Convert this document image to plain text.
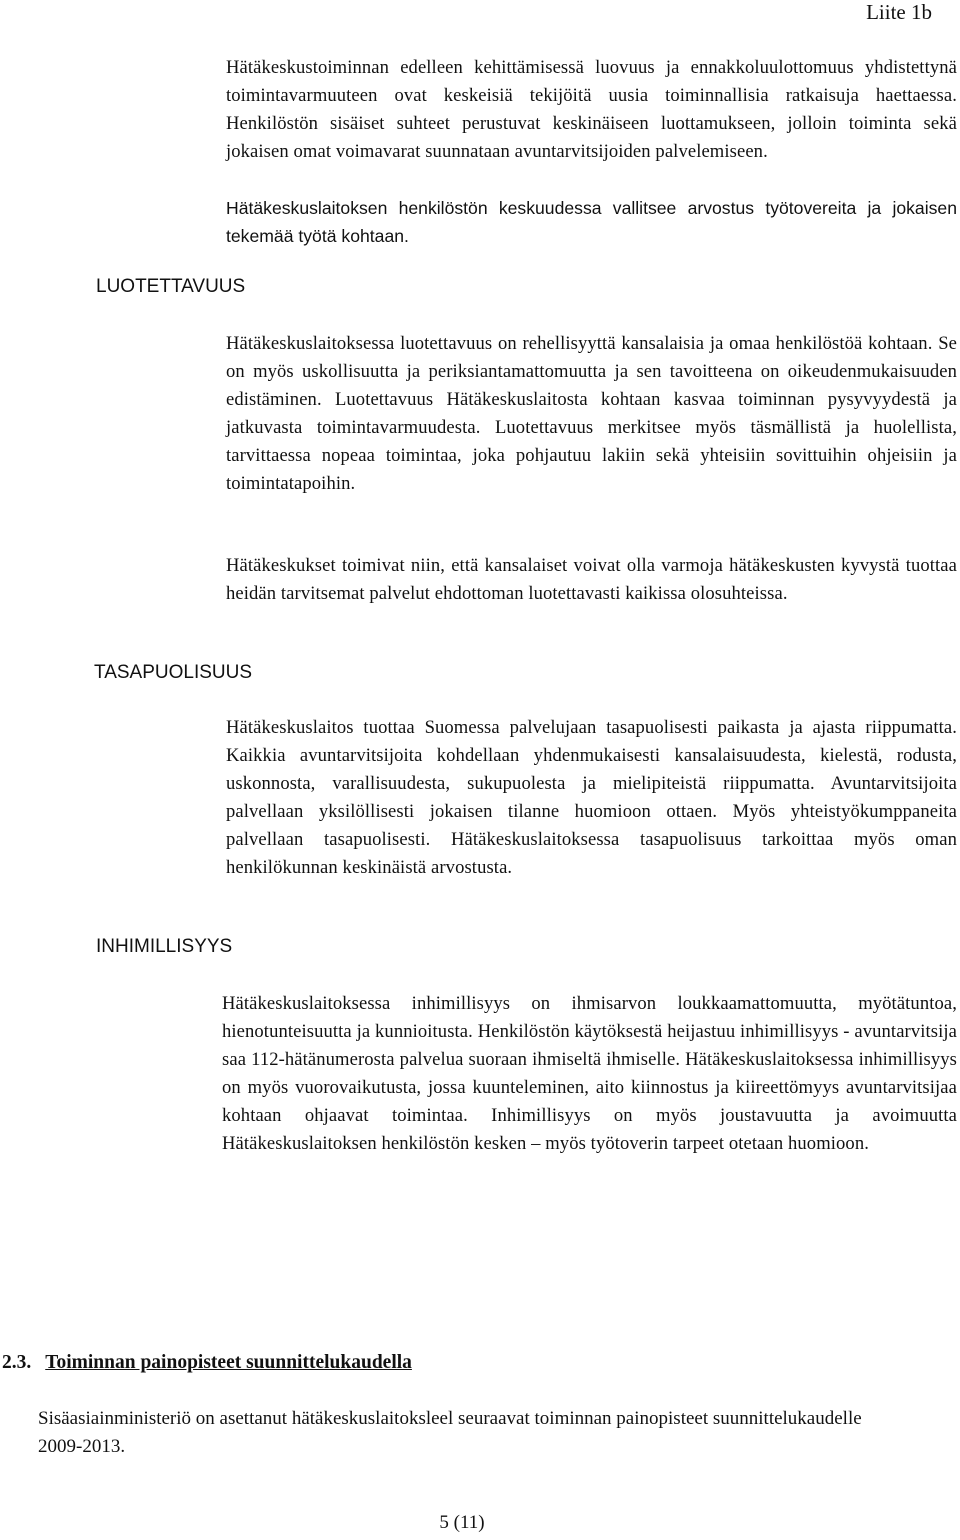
Liite 1b
Hätäkeskustoiminnan edelleen kehittämisessä luovuus ja ennakkoluulottomuus yhdistettynä toimintavarmuuteen ovat keskeisiä tekijöitä uusia toiminnallisia ratkaisuja haettaessa. Henkilöstön sisäiset suhteet perustuvat keskinäiseen luottamukseen, jolloin toiminta sekä jokaisen omat voimavarat suunnataan avuntarvitsijoiden palvelemiseen.
Hätäkeskuslaitoksen henkilöstön keskuudessa vallitsee arvostus työtovereita ja jokaisen tekemää työtä kohtaan.
LUOTETTAVUUS
Hätäkeskuslaitoksessa luotettavuus on rehellisyyttä kansalaisia ja omaa henkilöstöä kohtaan. Se on myös uskollisuutta ja periksiantamattomuutta ja sen tavoitteena on oikeudenmukaisuuden edistäminen. Luotettavuus Hätäkeskuslaitosta kohtaan kasvaa toiminnan pysyvyydestä ja jatkuvasta toimintavarmuudesta. Luotettavuus merkitsee myös täsmällistä ja huolellista, tarvittaessa nopeaa toimintaa, joka pohjautuu lakiin sekä yhteisiin sovittuihin ohjeisiin ja toimintatapoihin.
Hätäkeskukset toimivat niin, että kansalaiset voivat olla varmoja hätäkeskusten kyvystä tuottaa heidän tarvitsemat palvelut ehdottoman luotettavasti kaikissa olosuhteissa.
TASAPUOLISUUS
Hätäkeskuslaitos tuottaa Suomessa palvelujaan tasapuolisesti paikasta ja ajasta riippumatta. Kaikkia avuntarvitsijoita kohdellaan yhdenmukaisesti kansalaisuudesta, kielestä, rodusta, uskonnosta, varallisuudesta, sukupuolesta ja mielipiteistä riippumatta. Avuntarvitsijoita palvellaan yksilöllisesti jokaisen tilanne huomioon ottaen. Myös yhteistyökumppaneita palvellaan tasapuolisesti. Hätäkeskuslaitoksessa tasapuolisuus tarkoittaa myös oman henkilökunnan keskinäistä arvostusta.
INHIMILLISYYS
Hätäkeskuslaitoksessa inhimillisyys on ihmisarvon loukkaamattomuutta, myötätuntoa, hienotunteisuutta ja kunnioitusta. Henkilöstön käytöksestä heijastuu inhimillisyys - avuntarvitsija saa 112-hätänumerosta palvelua suoraan ihmiseltä ihmiselle. Hätäkeskuslaitoksessa inhimillisyys on myös vuorovaikutusta, jossa kuunteleminen, aito kiinnostus ja kiireettömyys avuntarvitsijaa kohtaan ohjaavat toimintaa. Inhimillisyys on myös joustavuutta ja avoimuutta Hätäkeskuslaitoksen henkilöstön kesken – myös työtoverin tarpeet otetaan huomioon.
2.3. Toiminnan painopisteet suunnittelukaudella
Sisäasiainministeriö on asettanut hätäkeskuslaitoksleel seuraavat toiminnan painopisteet suunnittelukaudelle 2009-2013.
5 (11)
